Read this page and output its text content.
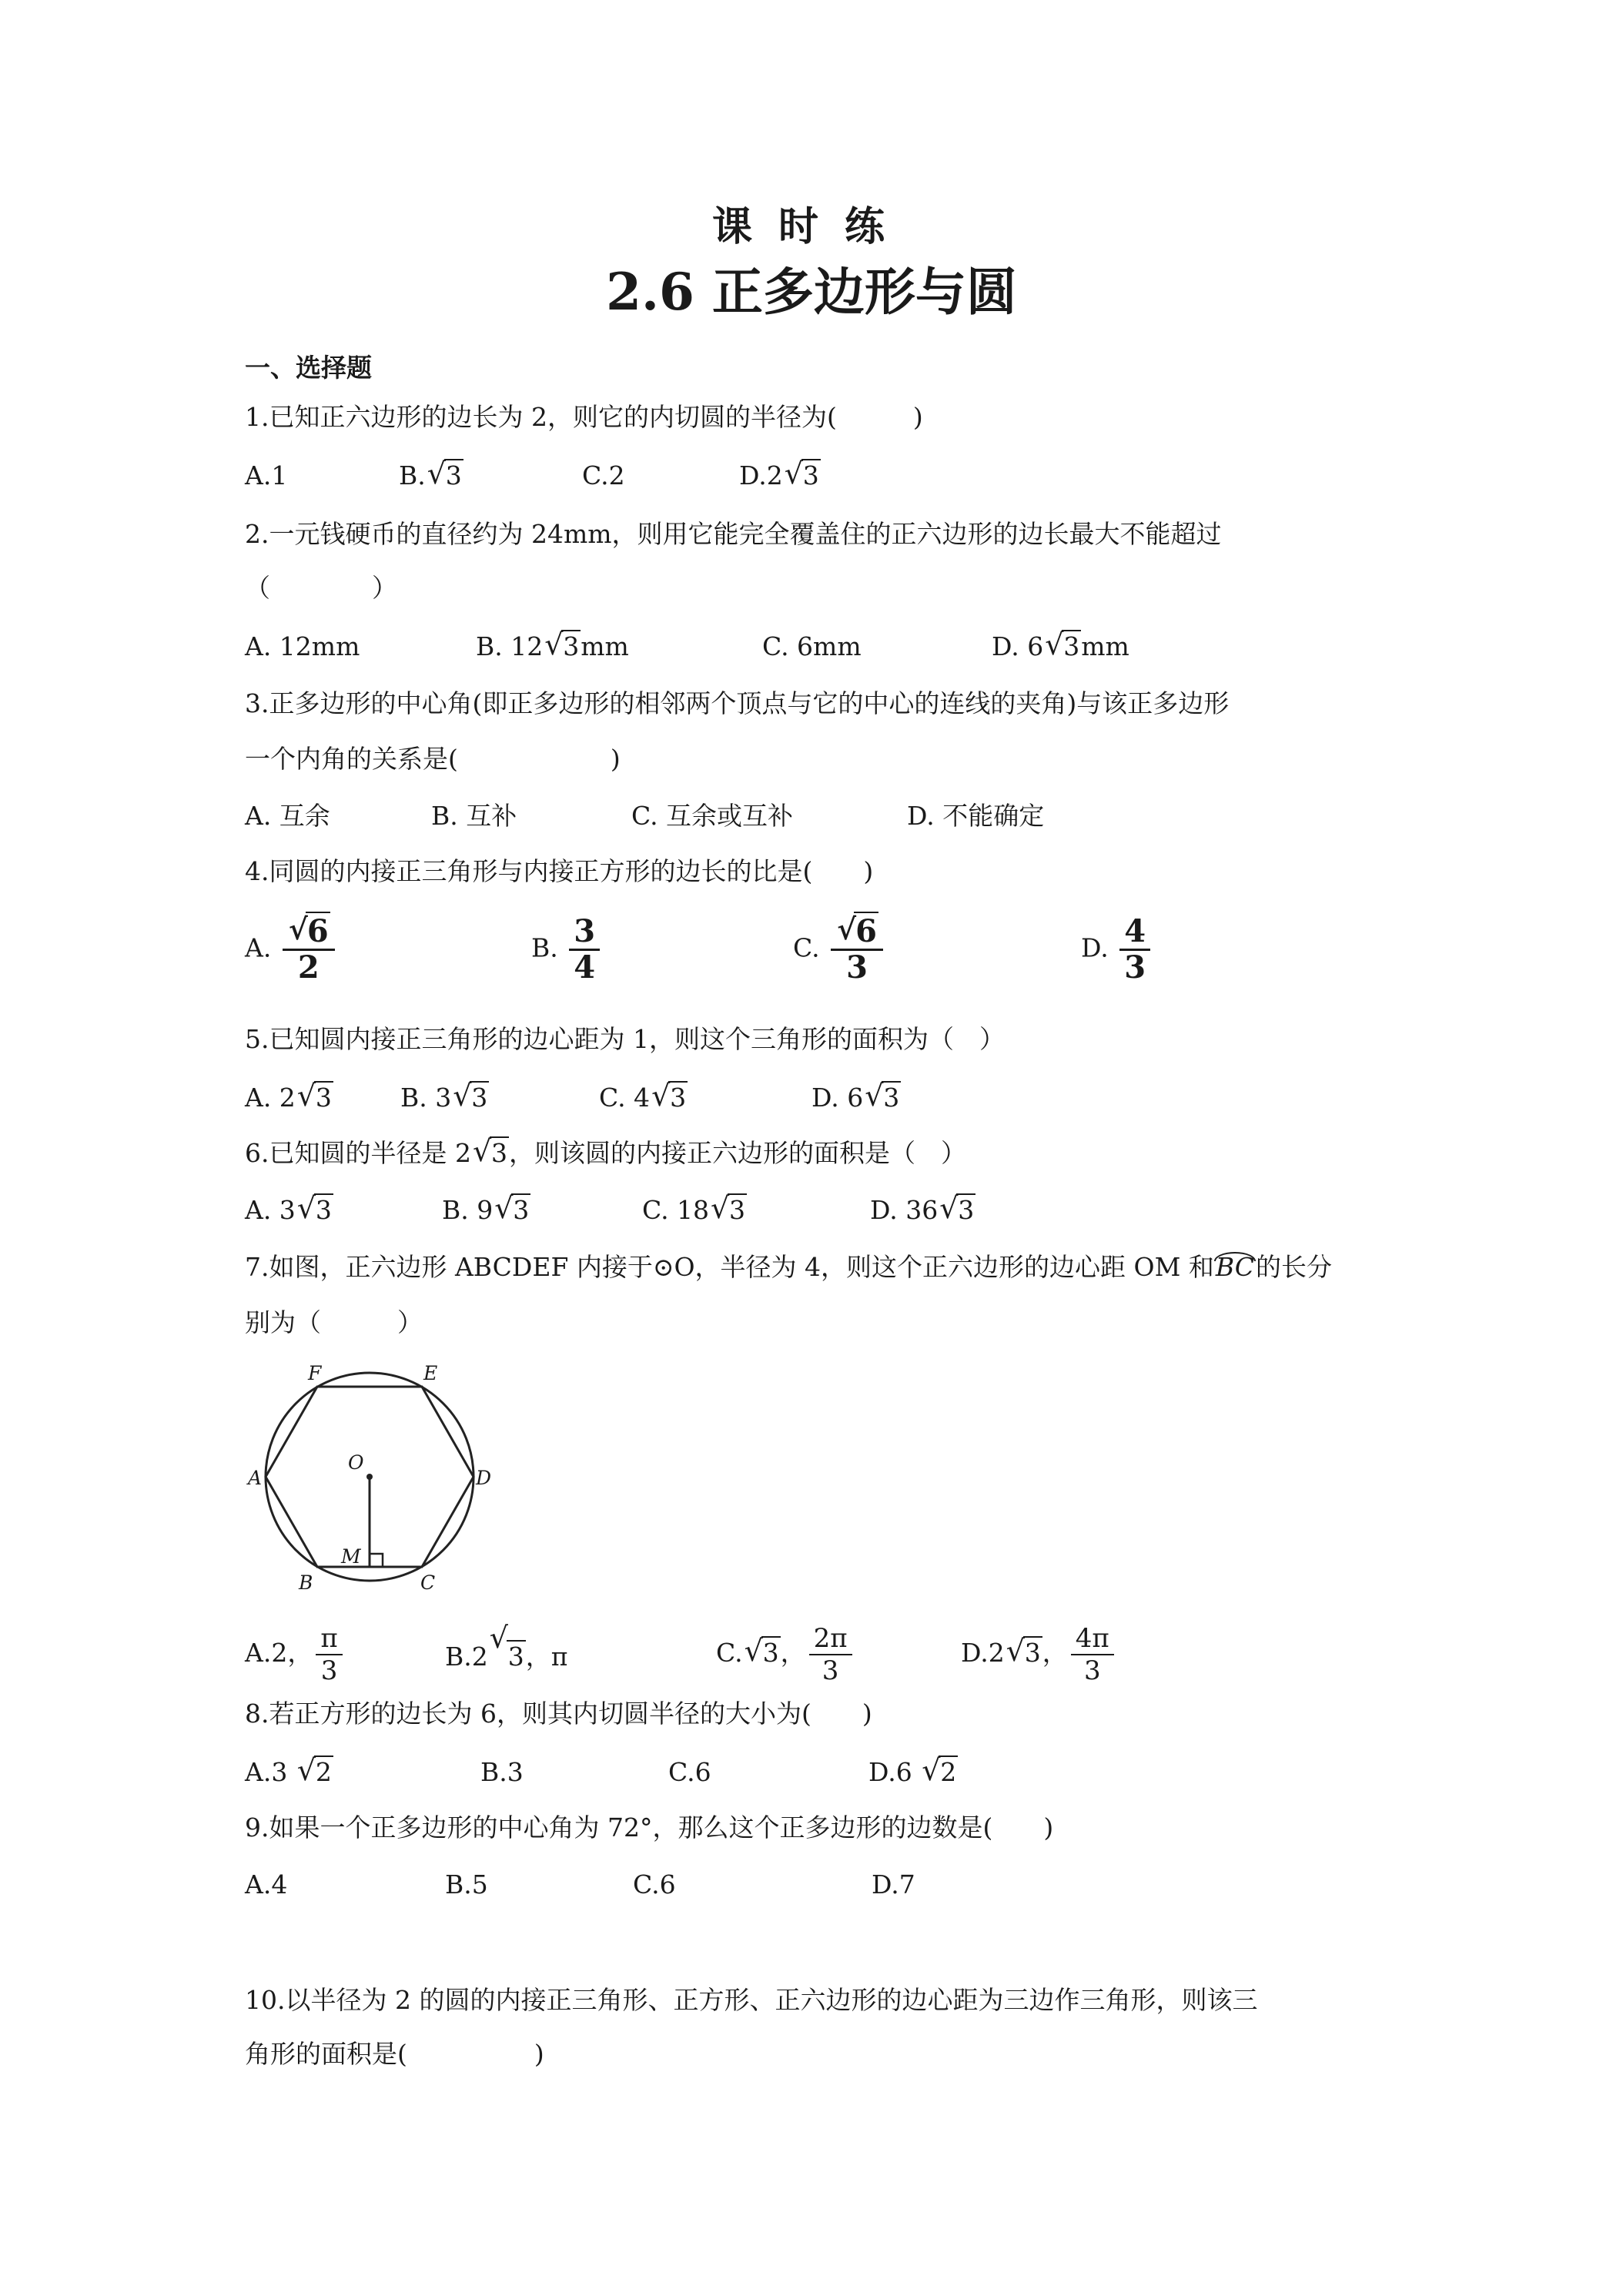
课时练
2.6 正多边形与圆
一、选择题
1.已知正六边形的边长为 2，则它的内切圆的半径为(　　　)
A.1	B. √ 3	C.2	D.2 √ 3
2.一元钱硬币的直径约为 24mm，则用它能完全覆盖住的正六边形的边长最大不能超过
（　　　　）
A. 12mm	B. 12 √ 3mm	C. 6mm	D. 6 √ 3mm
3.正多边形的中心角(即正多边形的相邻两个顶点与它的中心的连线的夹角)与该正多边形
一个内角的关系是(　　　　　　)
A. 互余	B. 互补	C. 互余或互补	D. 不能确定
4.同圆的内接正三角形与内接正方形的边长的比是(　　)
A. √ $\frac{6}{2}$	B. $\frac{3}{4}$	C. √ $\frac{6}{3}$	D. $\frac{4}{3}$
5.已知圆内接正三角形的边心距为 1，则这个三角形的面积为（　）
A. 2 √ 3	B. 3 √ 3	C. 4 √ 3	D. 6 √ 3
6.已知圆的半径是 2 √ 3，则该圆的内接正六边形的面积是（　）
A. 3 √ 3	B. 9 √ 3	C. 18 √ 3	D. 36 √ 3
7.如图，正六边形 ABCDEF 内接于⊙O，半径为 4，则这个正六边形的边心距 OM 和BC的长分
别为（　　　）
F	E
A	D
O
M
B	C
A.2， $\frac{\pi}{3}$	B.2 √ 3，π	C. √ 3， $\frac{2\pi}{3}$	D.2 √ 3， $\frac{4\pi}{3}$
8.若正方形的边长为 6，则其内切圆半径的大小为(　　)
A.3 √ 2	B.3	C.6	D.6 √ 2
9.如果一个正多边形的中心角为 72°，那么这个正多边形的边数是(　　)
A.4	B.5	C.6	D.7
10.以半径为 2 的圆的内接正三角形、正方形、正六边形的边心距为三边作三角形，则该三
角形的面积是(　　　　　)
